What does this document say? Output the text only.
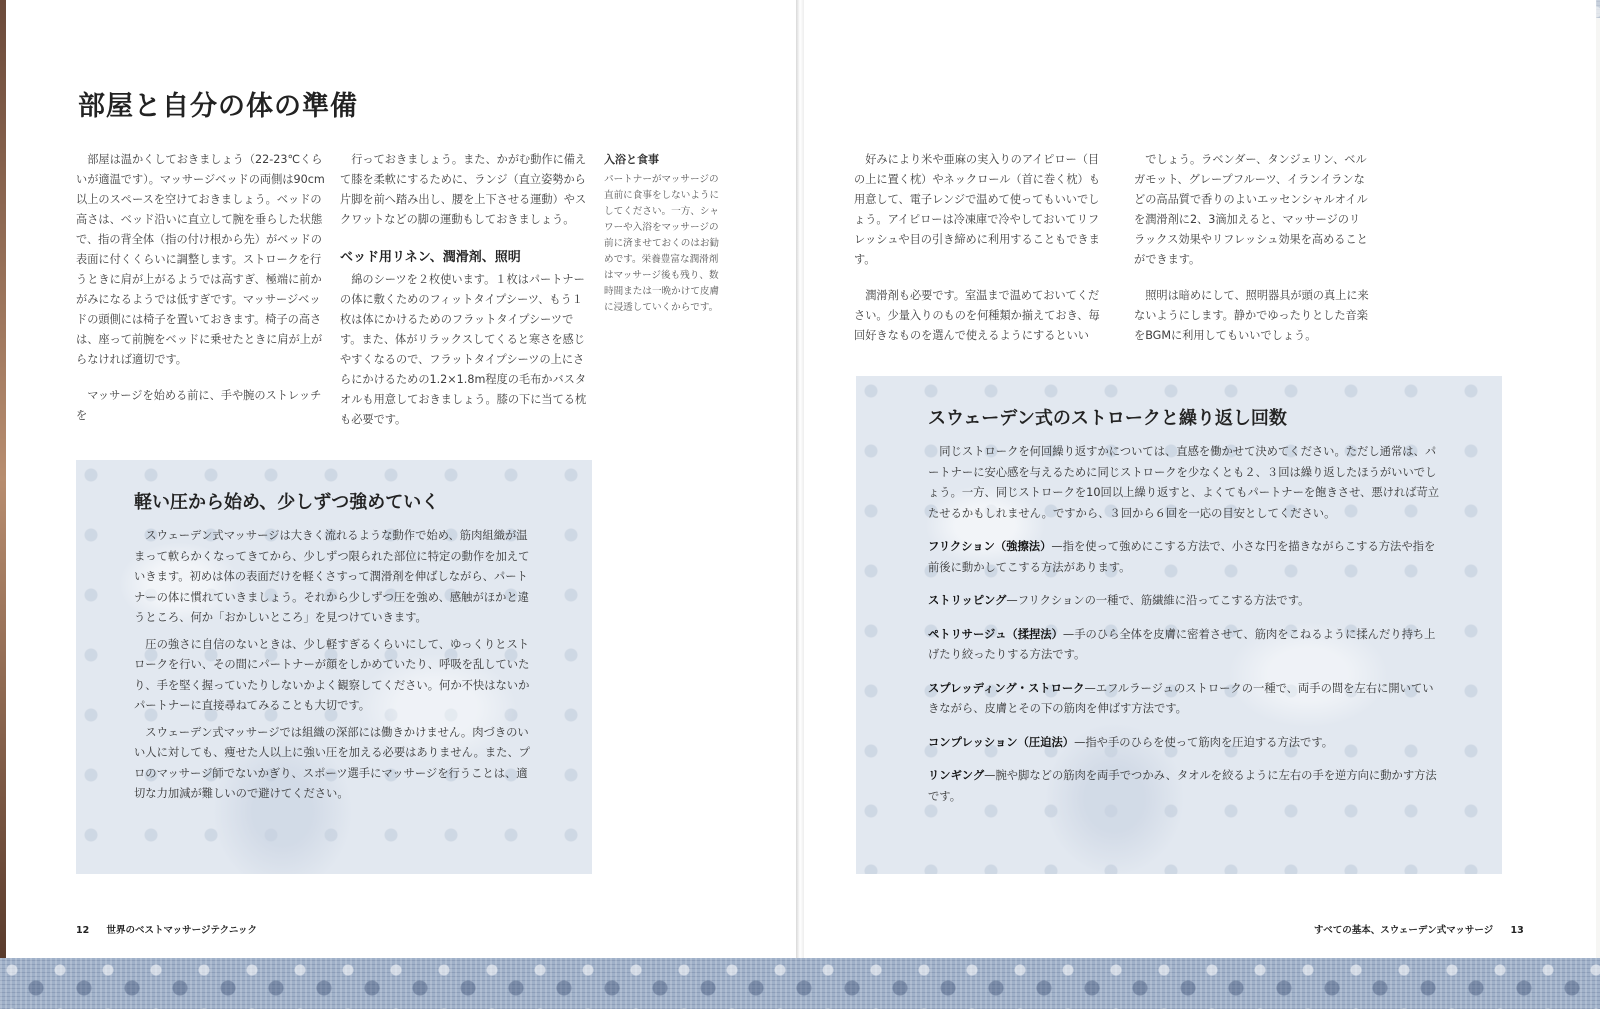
部屋と自分の体の準備

部屋は温かくしておきましょう（22-23℃くらいが適温です）。マッサージベッドの両側は90cm以上のスペースを空けておきましょう。ベッドの高さは、ベッド沿いに直立して腕を垂らした状態で、指の背全体（指の付け根から先）がベッドの表面に付くくらいに調整します。ストロークを行うときに肩が上がるようでは高すぎ、極端に前かがみになるようでは低すぎです。マッサージベッドの頭側には椅子を置いておきます。椅子の高さは、座って前腕をベッドに乗せたときに肩が上がらなければ適切です。

マッサージを始める前に、手や腕のストレッチを

行っておきましょう。また、かがむ動作に備えて膝を柔軟にするために、ランジ（直立姿勢から片脚を前へ踏み出し、腰を上下させる運動）やスクワットなどの脚の運動もしておきましょう。

ベッド用リネン、潤滑剤、照明

綿のシーツを２枚使います。１枚はパートナーの体に敷くためのフィットタイプシーツ、もう１枚は体にかけるためのフラットタイプシーツです。また、体がリラックスしてくると寒さを感じやすくなるので、フラットタイプシーツの上にさらにかけるための1.2×1.8m程度の毛布かバスタオルも用意しておきましょう。膝の下に当てる枕も必要です。

入浴と食事
パートナーがマッサージの直前に食事をしないようにしてください。一方、シャワーや入浴をマッサージの前に済ませておくのはお勧めです。栄養豊富な潤滑剤はマッサージ後も残り、数時間または一晩かけて皮膚に浸透していくからです。
軽い圧から始め、少しずつ強めていく

スウェーデン式マッサージは大きく流れるような動作で始め、筋肉組織が温まって軟らかくなってきてから、少しずつ限られた部位に特定の動作を加えていきます。初めは体の表面だけを軽くさすって潤滑剤を伸ばしながら、パートナーの体に慣れていきましょう。それから少しずつ圧を強め、感触がほかと違うところ、何か「おかしいところ」を見つけていきます。

圧の強さに自信のないときは、少し軽すぎるくらいにして、ゆっくりとストロークを行い、その間にパートナーが顔をしかめていたり、呼吸を乱していたり、手を堅く握っていたりしないかよく観察してください。何か不快はないかパートナーに直接尋ねてみることも大切です。

スウェーデン式マッサージでは組織の深部には働きかけません。肉づきのいい人に対しても、痩せた人以上に強い圧を加える必要はありません。また、プロのマッサージ師でないかぎり、スポーツ選手にマッサージを行うことは、適切な力加減が難しいので避けてください。

12 世界のベストマッサージテクニック

好みにより米や亜麻の実入りのアイピロー（目の上に置く枕）やネックロール（首に巻く枕）も用意して、電子レンジで温めて使ってもいいでしょう。アイピローは冷凍庫で冷やしておいてリフレッシュや目の引き締めに利用することもできます。

潤滑剤も必要です。室温まで温めておいてください。少量入りのものを何種類か揃えておき、毎回好きなものを選んで使えるようにするといい

でしょう。ラベンダー、タンジェリン、ベルガモット、グレープフルーツ、イランイランなどの高品質で香りのよいエッセンシャルオイルを潤滑剤に2、3滴加えると、マッサージのリラックス効果やリフレッシュ効果を高めることができます。

照明は暗めにして、照明器具が頭の真上に来ないようにします。静かでゆったりとした音楽をBGMに利用してもいいでしょう。

スウェーデン式のストロークと繰り返し回数

同じストロークを何回繰り返すかについては、直感を働かせて決めてください。ただし通常は、パートナーに安心感を与えるために同じストロークを少なくとも２、３回は繰り返したほうがいいでしょう。一方、同じストロークを10回以上繰り返すと、よくてもパートナーを飽きさせ、悪ければ苛立たせるかもしれません。ですから、３回から６回を一応の目安としてください。

フリクション（強擦法）—指を使って強めにこする方法で、小さな円を描きながらこする方法や指を前後に動かしてこする方法があります。

ストリッピング—フリクションの一種で、筋繊維に沿ってこする方法です。

ペトリサージュ（揉捏法）—手のひら全体を皮膚に密着させて、筋肉をこねるように揉んだり持ち上げたり絞ったりする方法です。

スプレッディング・ストローク—エフルラージュのストロークの一種で、両手の間を左右に開いていきながら、皮膚とその下の筋肉を伸ばす方法です。

コンプレッション（圧迫法）—指や手のひらを使って筋肉を圧迫する方法です。

リンギング—腕や脚などの筋肉を両手でつかみ、タオルを絞るように左右の手を逆方向に動かす方法です。

すべての基本、スウェーデン式マッサージ 13
